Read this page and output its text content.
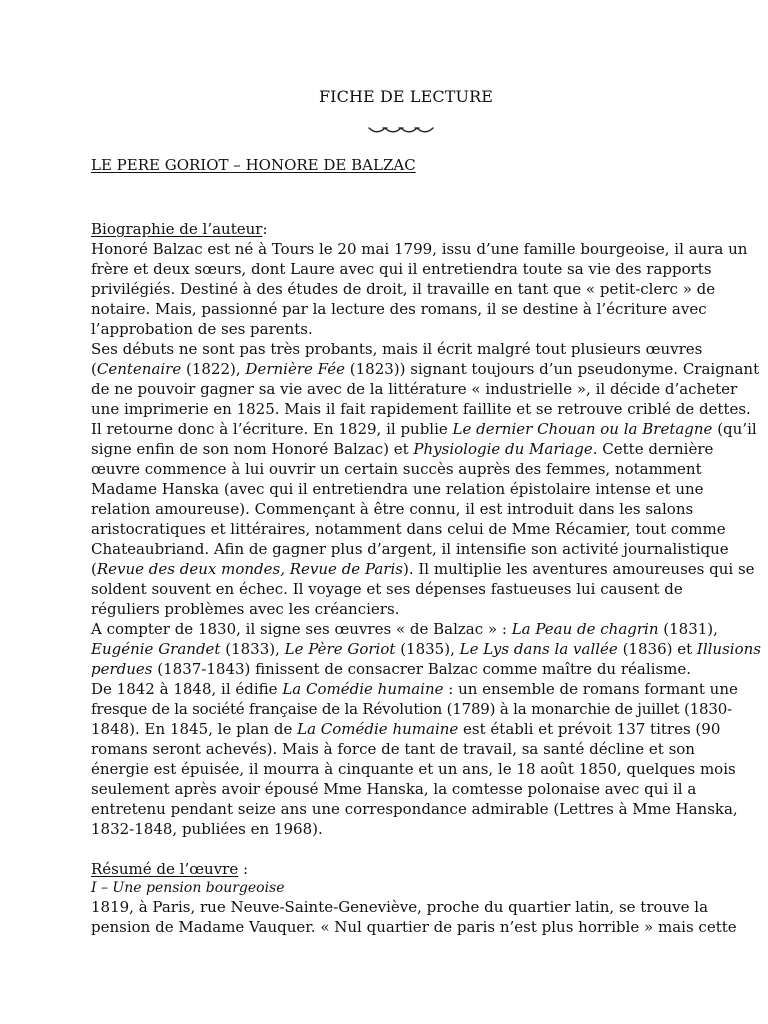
FICHE DE LECTURE
LE PERE GORIOT – HONORE DE BALZAC
Biographie de l’auteur:
Honoré Balzac est né à Tours le 20 mai 1799, issu d’une famille bourgeoise, il aura un
frère et deux sœurs, dont Laure avec qui il entretiendra toute sa vie des rapports
privilégiés. Destiné à des études de droit, il travaille en tant que « petit-clerc » de
notaire. Mais, passionné par la lecture des romans, il se destine à l’écriture avec
l’approbation de ses parents.
Ses débuts ne sont pas très probants, mais il écrit malgré tout plusieurs œuvres
(Centenaire (1822), Dernière Fée (1823)) signant toujours d’un pseudonyme. Craignant
de ne pouvoir gagner sa vie avec de la littérature « industrielle », il décide d’acheter
une imprimerie en 1825. Mais il fait rapidement faillite et se retrouve criblé de dettes.
Il retourne donc à l’écriture. En 1829, il publie Le dernier Chouan ou la Bretagne (qu’il
signe enfin de son nom Honoré Balzac) et Physiologie du Mariage. Cette dernière
œuvre commence à lui ouvrir un certain succès auprès des femmes, notamment
Madame Hanska (avec qui il entretiendra une relation épistolaire intense et une
relation amoureuse). Commençant à être connu, il est introduit dans les salons
aristocratiques et littéraires, notamment dans celui de Mme Récamier, tout comme
Chateaubriand. Afin de gagner plus d’argent, il intensifie son activité journalistique
(Revue des deux mondes, Revue de Paris). Il multiplie les aventures amoureuses qui se
soldent souvent en échec. Il voyage et ses dépenses fastueuses lui causent de
réguliers problèmes avec les créanciers.
A compter de 1830, il signe ses œuvres « de Balzac » : La Peau de chagrin (1831),
Eugénie Grandet (1833), Le Père Goriot (1835), Le Lys dans la vallée (1836) et Illusions
perdues (1837-1843) finissent de consacrer Balzac comme maître du réalisme.
De 1842 à 1848, il édifie La Comédie humaine : un ensemble de romans formant une
fresque de la société française de la Révolution (1789) à la monarchie de juillet (1830-
1848). En 1845, le plan de La Comédie humaine est établi et prévoit 137 titres (90
romans seront achevés). Mais à force de tant de travail, sa santé décline et son
énergie est épuisée, il mourra à cinquante et un ans, le 18 août 1850, quelques mois
seulement après avoir épousé Mme Hanska, la comtesse polonaise avec qui il a
entretenu pendant seize ans une correspondance admirable (Lettres à Mme Hanska,
1832-1848, publiées en 1968).
Résumé de l’œuvre :
I – Une pension bourgeoise
1819, à Paris, rue Neuve-Sainte-Geneviève, proche du quartier latin, se trouve la
pension de Madame Vauquer. « Nul quartier de paris n’est plus horrible » mais cette
